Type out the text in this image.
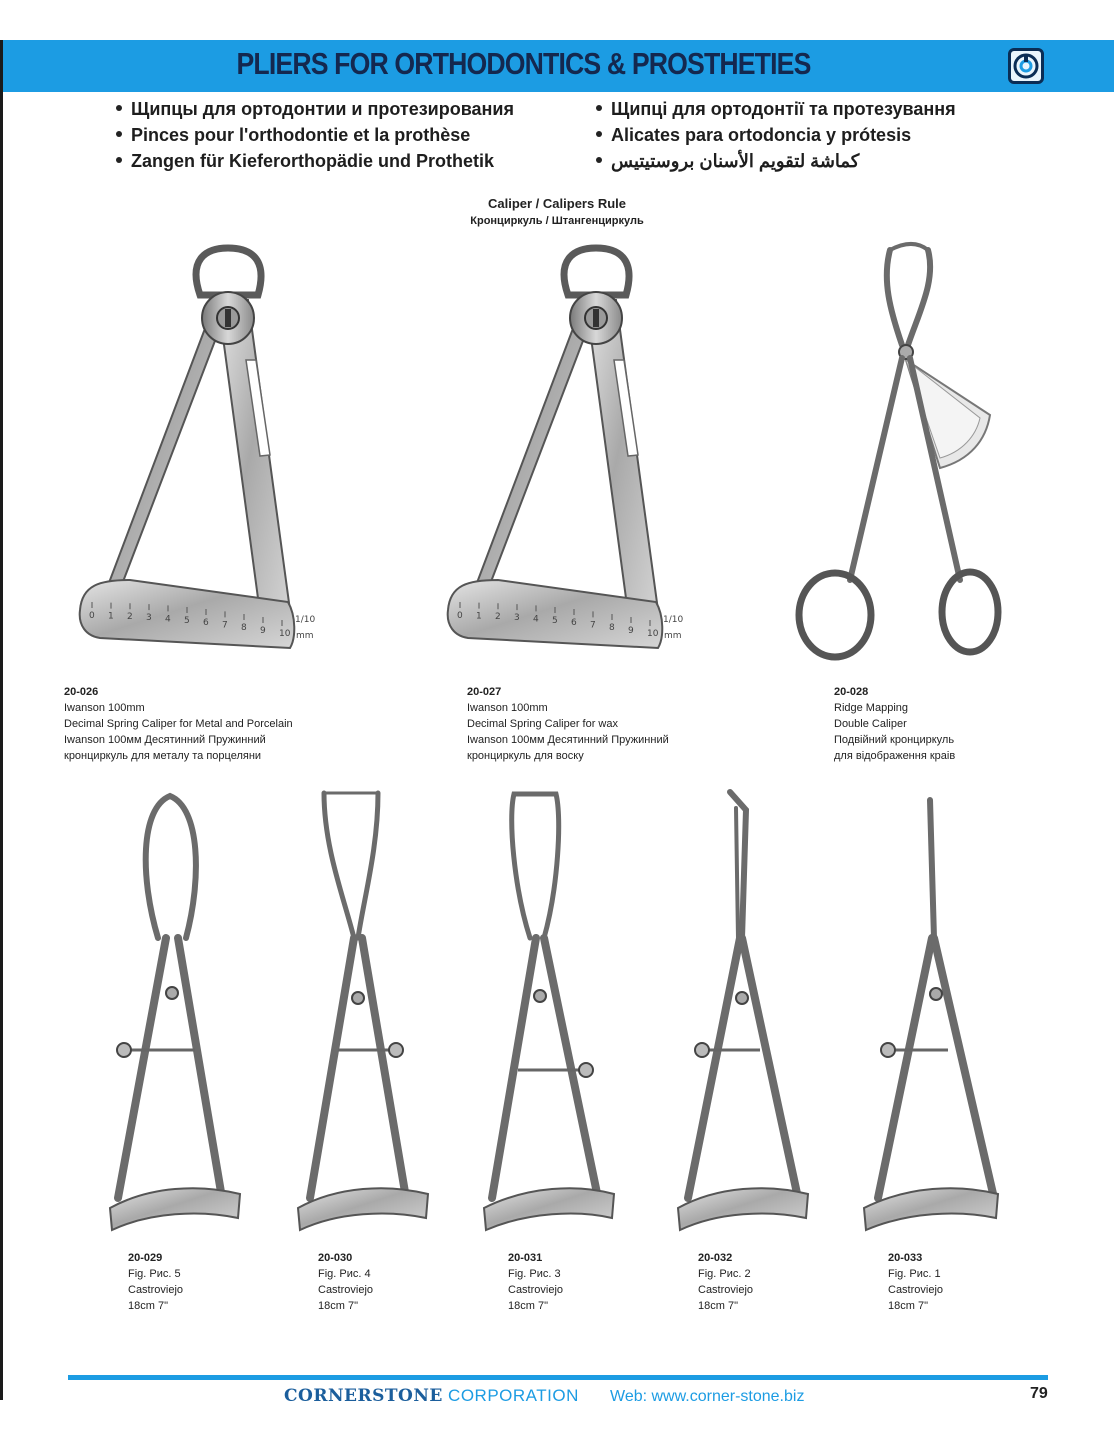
PLIERS FOR ORTHODONTICS & PROSTHETIES
Щипцы для ортодонтии и протезирования
Pinces pour l'orthodontie et la prothèse
Zangen für Kieferorthopädie und Prothetik
Щипці для ортодонтії та протезування
Alicates para ortodoncia y prótesis
كماشة لتقويم الأسنان بروستيتيس
Caliper / Calipers Rule
Кронциркуль / Штангенциркуль
1/10
mm
0 1 2 3 4 5 6 7 8 9 10
1/10
mm
0 1 2 3 4 5 6 7 8 9 10
20-026
Iwanson 100mm
Decimal Spring Caliper for Metal and Porcelain
Iwanson 100мм Десятинний Пружинний
кронциркуль для металу та порцеляни
20-027
Iwanson 100mm
Decimal Spring Caliper for wax
Iwanson 100мм Десятинний Пружинний
кронциркуль для воску
20-028
Ridge Mapping
Double Caliper
Подвійний кронциркуль
для відображення краів
20-029
Fig. Рис. 5
Castroviejo
18cm 7"
20-030
Fig. Рис. 4
Castroviejo
18cm 7"
20-031
Fig. Рис. 3
Castroviejo
18cm 7"
20-032
Fig. Рис. 2
Castroviejo
18cm 7"
20-033
Fig. Рис. 1
Castroviejo
18cm 7"
CORNERSTONE CORPORATION Web: www.corner-stone.biz	79
